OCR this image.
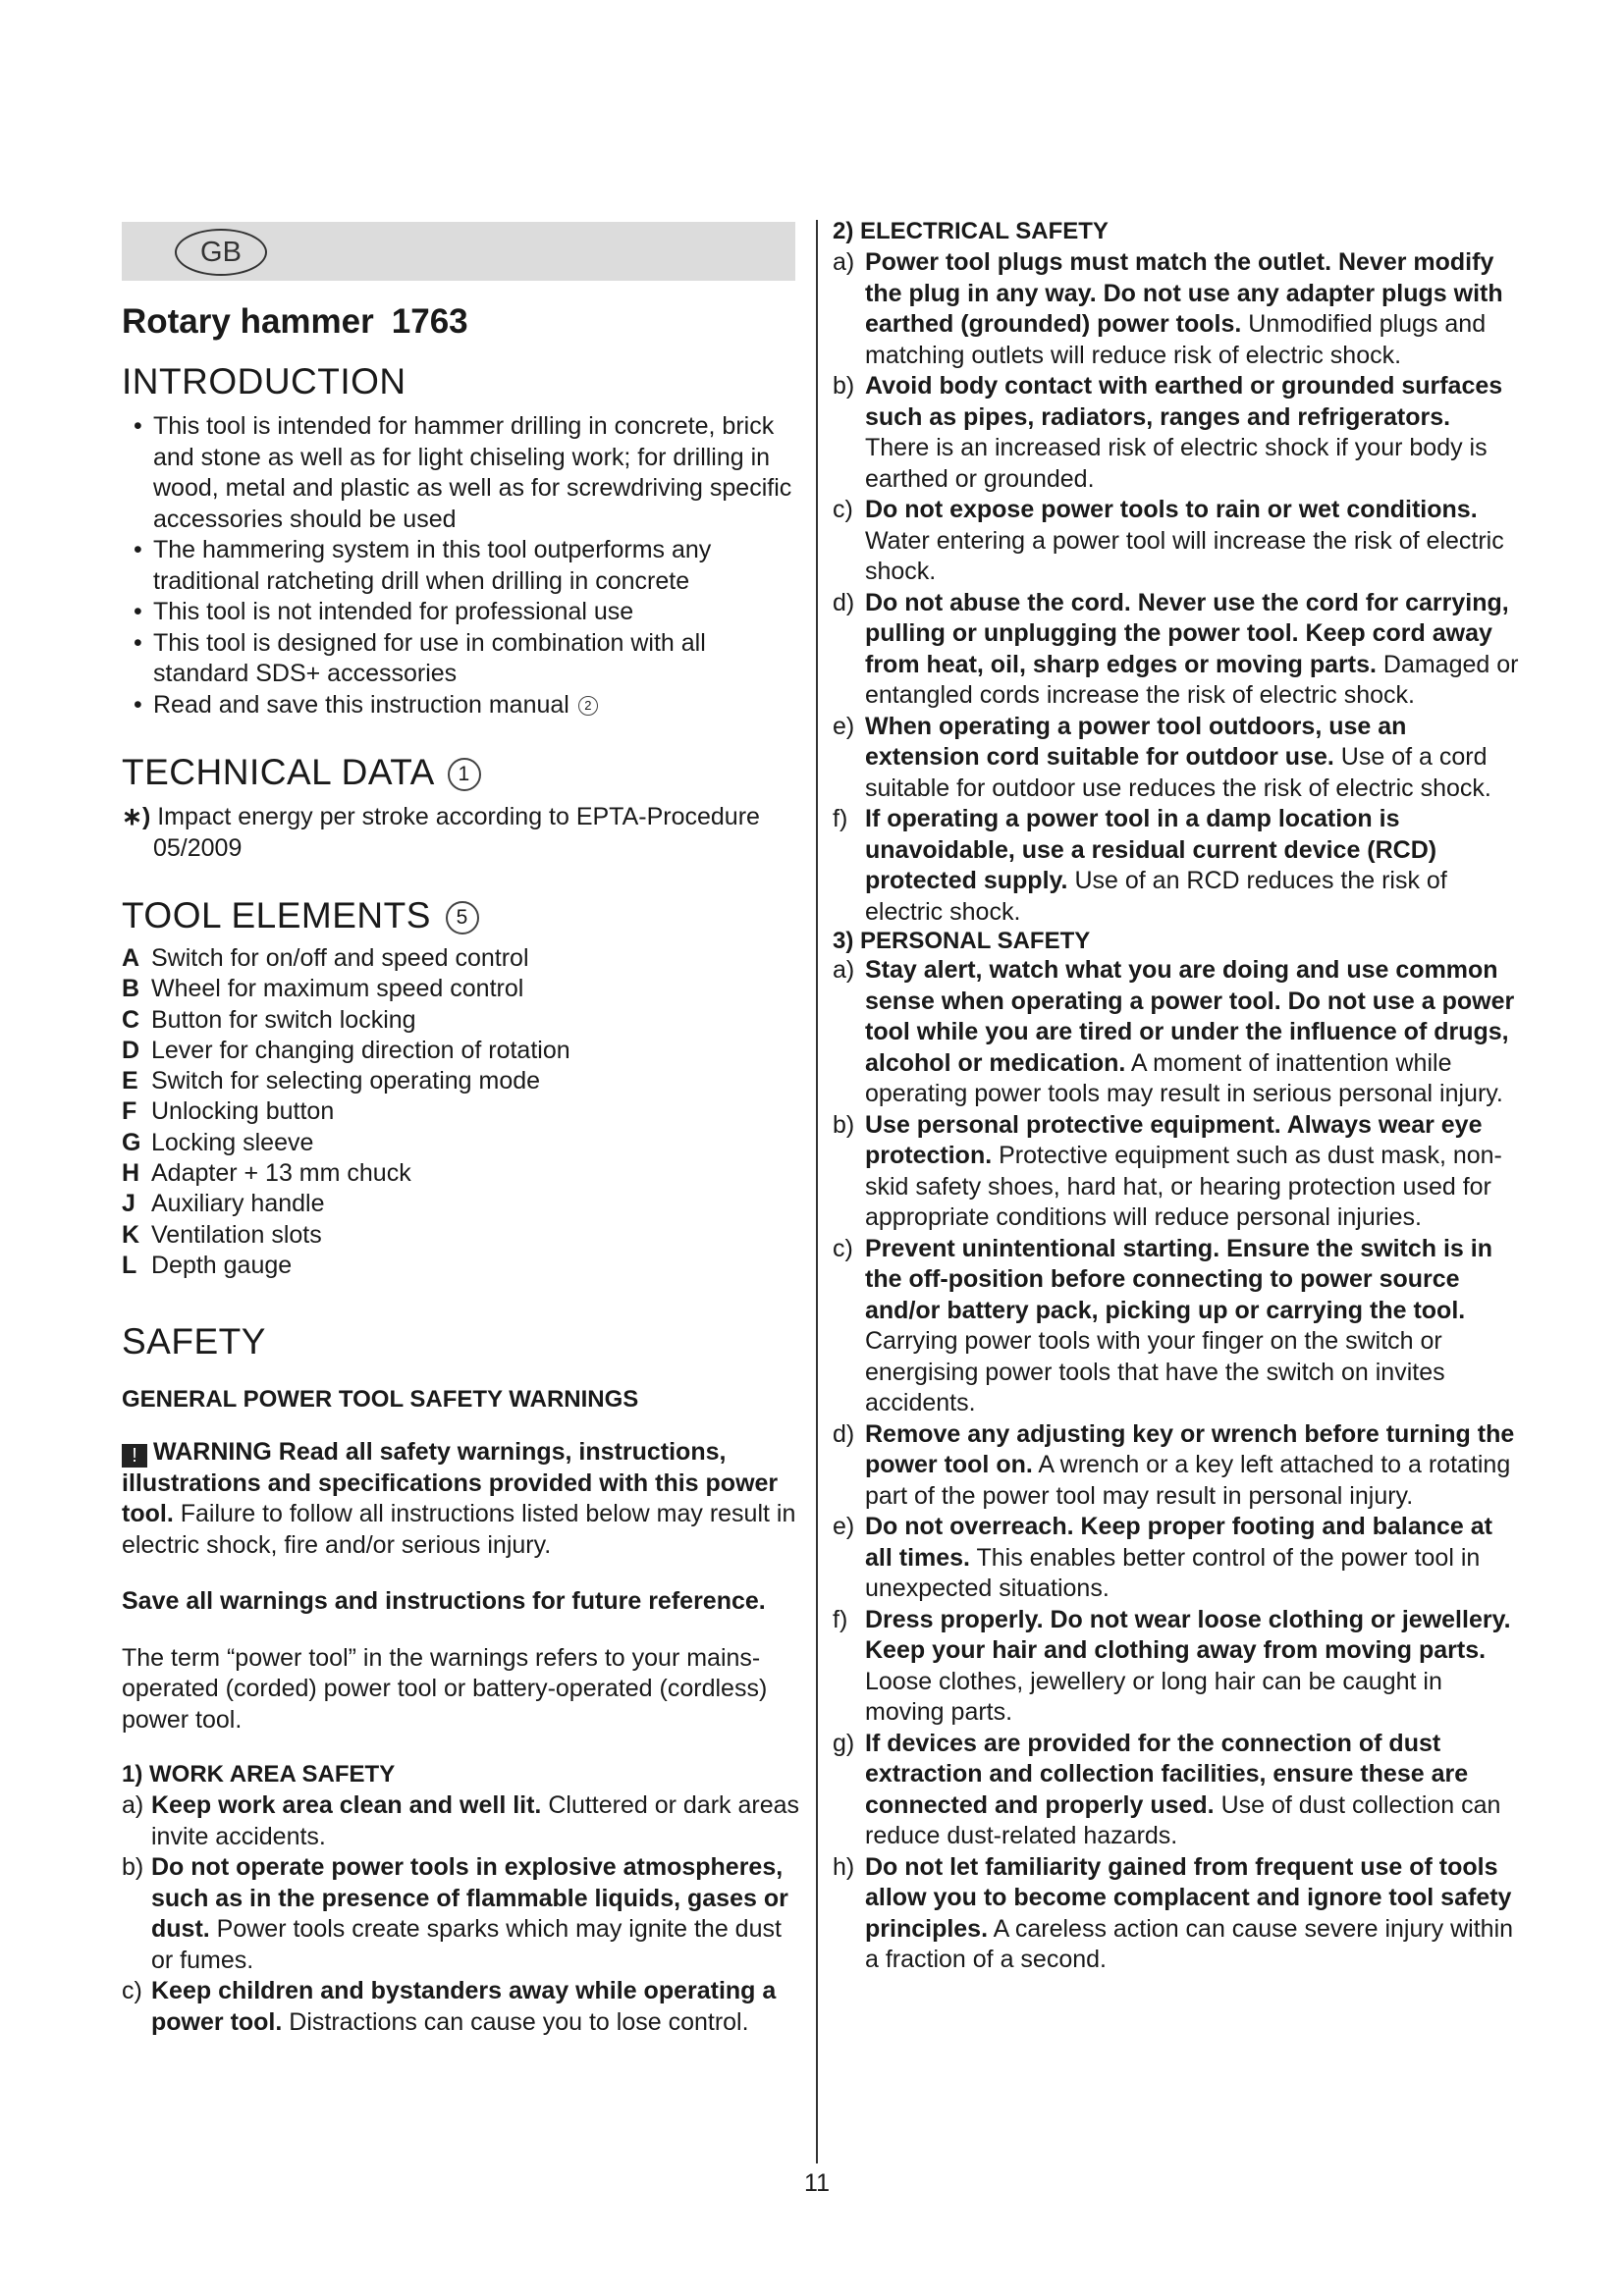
GB
Rotary hammer 1763
INTRODUCTION
• This tool is intended for hammer drilling in concrete, brick and stone as well as for light chiseling work; for drilling in wood, metal and plastic as well as for screwdriving specific accessories should be used
• The hammering system in this tool outperforms any traditional ratcheting drill when drilling in concrete
• This tool is not intended for professional use
• This tool is designed for use in combination with all standard SDS+ accessories
• Read and save this instruction manual 2
TECHNICAL DATA 1
∗) Impact energy per stroke according to EPTA-Procedure 05/2009
TOOL ELEMENTS 5
A Switch for on/off and speed control
B Wheel for maximum speed control
C Button for switch locking
D Lever for changing direction of rotation
E Switch for selecting operating mode
F Unlocking button
G Locking sleeve
H Adapter + 13 mm chuck
J Auxiliary handle
K Ventilation slots
L Depth gauge
SAFETY
GENERAL POWER TOOL SAFETY WARNINGS
! WARNING Read all safety warnings, instructions, illustrations and specifications provided with this power tool. Failure to follow all instructions listed below may result in electric shock, fire and/or serious injury.
Save all warnings and instructions for future reference.
The term “power tool” in the warnings refers to your mains-operated (corded) power tool or battery-operated (cordless) power tool.
1) WORK AREA SAFETY
a) Keep work area clean and well lit. Cluttered or dark areas invite accidents.
b) Do not operate power tools in explosive atmospheres, such as in the presence of flammable liquids, gases or dust. Power tools create sparks which may ignite the dust or fumes.
c) Keep children and bystanders away while operating a power tool. Distractions can cause you to lose control.
2) ELECTRICAL SAFETY
a) Power tool plugs must match the outlet. Never modify the plug in any way. Do not use any adapter plugs with earthed (grounded) power tools. Unmodified plugs and matching outlets will reduce risk of electric shock.
b) Avoid body contact with earthed or grounded surfaces such as pipes, radiators, ranges and refrigerators. There is an increased risk of electric shock if your body is earthed or grounded.
c) Do not expose power tools to rain or wet conditions. Water entering a power tool will increase the risk of electric shock.
d) Do not abuse the cord. Never use the cord for carrying, pulling or unplugging the power tool. Keep cord away from heat, oil, sharp edges or moving parts. Damaged or entangled cords increase the risk of electric shock.
e) When operating a power tool outdoors, use an extension cord suitable for outdoor use. Use of a cord suitable for outdoor use reduces the risk of electric shock.
f) If operating a power tool in a damp location is unavoidable, use a residual current device (RCD) protected supply. Use of an RCD reduces the risk of electric shock.
3) PERSONAL SAFETY
a) Stay alert, watch what you are doing and use common sense when operating a power tool. Do not use a power tool while you are tired or under the influence of drugs, alcohol or medication. A moment of inattention while operating power tools may result in serious personal injury.
b) Use personal protective equipment. Always wear eye protection. Protective equipment such as dust mask, non-skid safety shoes, hard hat, or hearing protection used for appropriate conditions will reduce personal injuries.
c) Prevent unintentional starting. Ensure the switch is in the off-position before connecting to power source and/or battery pack, picking up or carrying the tool. Carrying power tools with your finger on the switch or energising power tools that have the switch on invites accidents.
d) Remove any adjusting key or wrench before turning the power tool on. A wrench or a key left attached to a rotating part of the power tool may result in personal injury.
e) Do not overreach. Keep proper footing and balance at all times. This enables better control of the power tool in unexpected situations.
f) Dress properly. Do not wear loose clothing or jewellery. Keep your hair and clothing away from moving parts. Loose clothes, jewellery or long hair can be caught in moving parts.
g) If devices are provided for the connection of dust extraction and collection facilities, ensure these are connected and properly used. Use of dust collection can reduce dust-related hazards.
h) Do not let familiarity gained from frequent use of tools allow you to become complacent and ignore tool safety principles. A careless action can cause severe injury within a fraction of a second.
11
